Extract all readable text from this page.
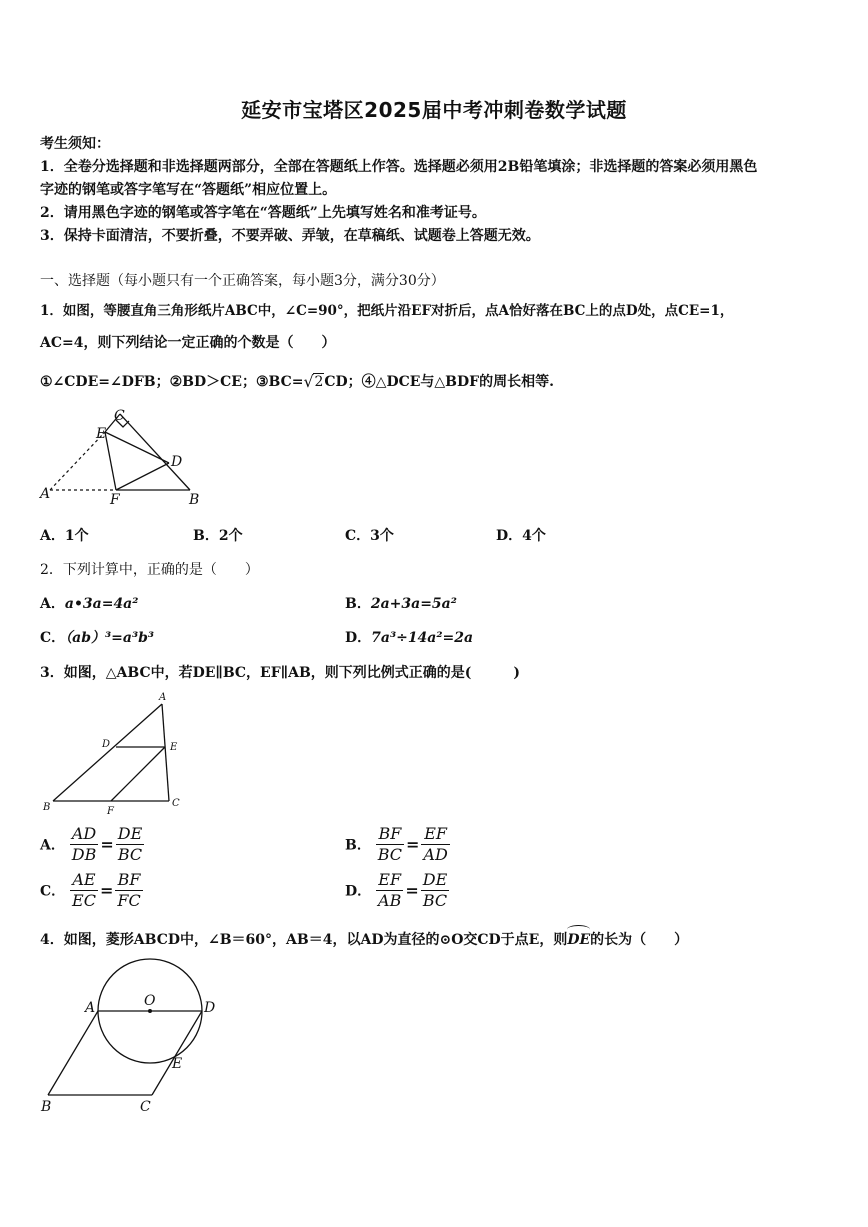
延安市宝塔区2025届中考冲刺卷数学试题
考生须知：
1．全卷分选择题和非选择题两部分，全部在答题纸上作答。选择题必须用2B铅笔填涂；非选择题的答案必须用黑色
字迹的钢笔或答字笔写在“答题纸”相应位置上。
2．请用黑色字迹的钢笔或答字笔在“答题纸”上先填写姓名和准考证号。
3．保持卡面清洁，不要折叠，不要弄破、弄皱，在草稿纸、试题卷上答题无效。
一、选择题（每小题只有一个正确答案，每小题3分，满分30分）
1．如图，等腰直角三角形纸片ABC中，∠C=90°，把纸片沿EF对折后，点A恰好落在BC上的点D处，点CE=1，
AC=4，则下列结论一定正确的个数是（　　）
①∠CDE=∠DFB；②BD＞CE；③BC= √ 2CD；④△DCE与△BDF的周长相等.
C
E
D
A	F	B
A．1个	B．2个	C．3个	D．4个
2．下列计算中，正确的是（　　）
A．a•3a=4a²	B．2a+3a=5a²
C．（ab）³=a³b³	D．7a³÷14a²=2a
3．如图，△ABC中，若DE∥BC，EF∥AB，则下列比例式正确的是(　　　)
A
D	E
B	F
C
A． $\frac{AD}{DB} = \frac{DE}{BC}$	B． $\frac{BF}{BC} = \frac{EF}{AD}$
C． $\frac{AE}{EC} = \frac{BF}{FC}$	D． $\frac{EF}{AB} = \frac{DE}{BC}$
4．如图，菱形ABCD中，∠B＝60°，AB＝4，以AD为直径的⊙O交CD于点E，则
DE的长为（　　）
O
A	D
E
B	C
